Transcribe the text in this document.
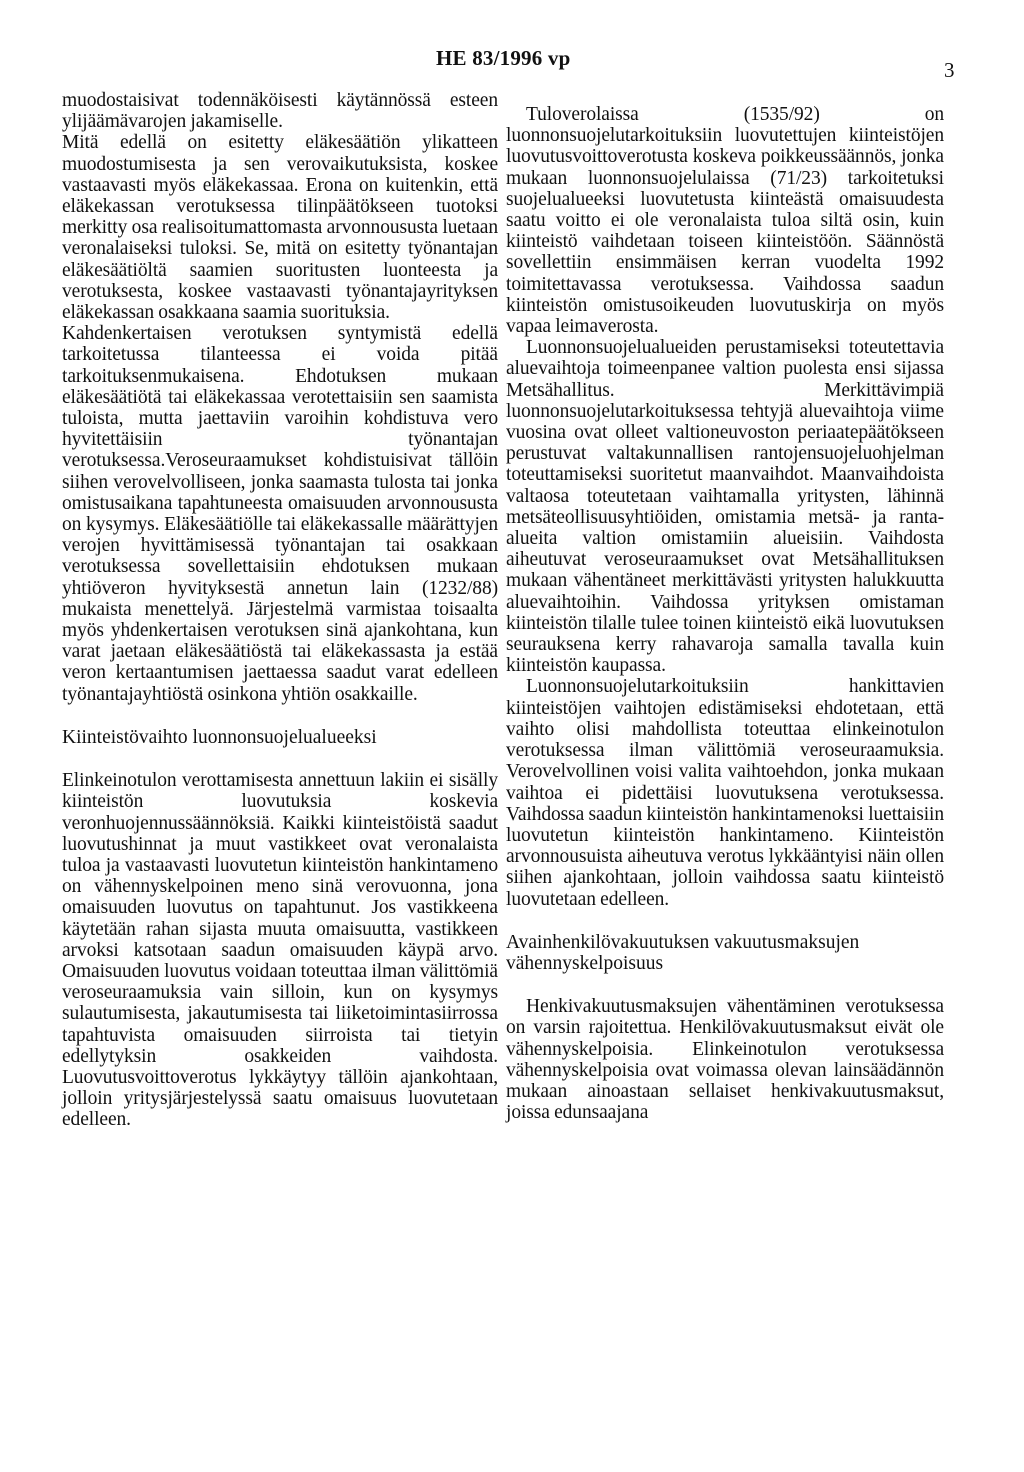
HE 83/1996 vp	3

muodostaisivat todennäköisesti käytännössä esteen ylijäämävarojen jakamiselle.

Mitä edellä on esitetty eläkesäätiön ylikatteen muodostumisesta ja sen verovaikutuksista, koskee vastaavasti myös eläkekassaa. Erona on kuitenkin, että eläkekassan verotuksessa tilinpäätökseen tuotoksi merkitty osa realisoitumattomasta arvonnoususta luetaan veronalaiseksi tuloksi. Se, mitä on esitetty työnantajan eläkesäätiöltä saamien suoritusten luonteesta ja verotuksesta, koskee vastaavasti työnantajayrityksen eläkekassan osakkaana saamia suorituksia.

Kahdenkertaisen verotuksen syntymistä edellä tarkoitetussa tilanteessa ei voida pitää tarkoituksenmukaisena. Ehdotuksen mukaan eläkesäätiötä tai eläkekassaa verotettaisiin sen saamista tuloista, mutta jaettaviin varoihin kohdistuva vero hyvitettäisiin työnantajan verotuksessa.Veroseuraamukset kohdistuisivat tällöin siihen verovelvolliseen, jonka saamasta tulosta tai jonka omistusaikana tapahtuneesta omaisuuden arvonnoususta on kysymys. Eläkesäätiölle tai eläkekassalle määrättyjen verojen hyvittämisessä työnantajan tai osakkaan verotuksessa sovellettaisiin ehdotuksen mukaan yhtiöveron hyvityksestä annetun lain (1232/88) mukaista menettelyä. Järjestelmä varmistaa toisaalta myös yhdenkertaisen verotuksen sinä ajankohtana, kun varat jaetaan eläkesäätiöstä tai eläkekassasta ja estää veron kertaantumisen jaettaessa saadut varat edelleen työnantajayhtiöstä osinkona yhtiön osakkaille.

Kiinteistövaihto luonnonsuojelualueeksi

Elinkeinotulon verottamisesta annettuun lakiin ei sisälly kiinteistön luovutuksia koskevia veronhuojennussäännöksiä. Kaikki kiinteistöistä saadut luovutushinnat ja muut vastikkeet ovat veronalaista tuloa ja vastaavasti luovutetun kiinteistön hankintameno on vähennyskelpoinen meno sinä verovuonna, jona omaisuuden luovutus on tapahtunut. Jos vastikkeena käytetään rahan sijasta muuta omaisuutta, vastikkeen arvoksi katsotaan saadun omaisuuden käypä arvo. Omaisuuden luovutus voidaan toteuttaa ilman välittömiä veroseuraamuksia vain silloin, kun on kysymys sulautumisesta, jakautumisesta tai liiketoimintasiirrossa tapahtuvista omaisuuden siirroista tai tietyin edellytyksin osakkeiden vaihdosta. Luovutusvoittoverotus lykkäytyy tällöin ajankohtaan, jolloin yritysjärjestelyssä saatu omaisuus luovutetaan edelleen.

Tuloverolaissa (1535/92) on luonnonsuojelutarkoituksiin luovutettujen kiinteistöjen luovutusvoittoverotusta koskeva poikkeussäännös, jonka mukaan luonnonsuojelulaissa (71/23) tarkoitetuksi suojelualueeksi luovutetusta kiinteästä omaisuudesta saatu voitto ei ole veronalaista tuloa siltä osin, kuin kiinteistö vaihdetaan toiseen kiinteistöön. Säännöstä sovellettiin ensimmäisen kerran vuodelta 1992 toimitettavassa verotuksessa. Vaihdossa saadun kiinteistön omistusoikeuden luovutuskirja on myös vapaa leimaverosta.

Luonnonsuojelualueiden perustamiseksi toteutettavia aluevaihtoja toimeenpanee valtion puolesta ensi sijassa Metsähallitus. Merkittävimpiä luonnonsuojelutarkoituksessa tehtyjä aluevaihtoja viime vuosina ovat olleet valtioneuvoston periaatepäätökseen perustuvat valtakunnallisen rantojensuojeluohjelman toteuttamiseksi suoritetut maanvaihdot. Maanvaihdoista valtaosa toteutetaan vaihtamalla yritysten, lähinnä metsäteollisuusyhtiöiden, omistamia metsä- ja ranta-alueita valtion omistamiin alueisiin. Vaihdosta aiheutuvat veroseuraamukset ovat Metsähallituksen mukaan vähentäneet merkittävästi yritysten halukkuutta aluevaihtoihin. Vaihdossa yrityksen omistaman kiinteistön tilalle tulee toinen kiinteistö eikä luovutuksen seurauksena kerry rahavaroja samalla tavalla kuin kiinteistön kaupassa.

Luonnonsuojelutarkoituksiin hankittavien kiinteistöjen vaihtojen edistämiseksi ehdotetaan, että vaihto olisi mahdollista toteuttaa elinkeinotulon verotuksessa ilman välittömiä veroseuraamuksia. Verovelvollinen voisi valita vaihtoehdon, jonka mukaan vaihtoa ei pidettäisi luovutuksena verotuksessa. Vaihdossa saadun kiinteistön hankintamenoksi luettaisiin luovutetun kiinteistön hankintameno. Kiinteistön arvonnousuista aiheutuva verotus lykkääntyisi näin ollen siihen ajankohtaan, jolloin vaihdossa saatu kiinteistö luovutetaan edelleen.

Avainhenkilövakuutuksen vakuutusmaksujen vähennyskelpoisuus

Henkivakuutusmaksujen vähentäminen verotuksessa on varsin rajoitettua. Henkilövakuutusmaksut eivät ole vähennyskelpoisia. Elinkeinotulon verotuksessa vähennyskelpoisia ovat voimassa olevan lainsäädännön mukaan ainoastaan sellaiset henkivakuutusmaksut, joissa edunsaajana
